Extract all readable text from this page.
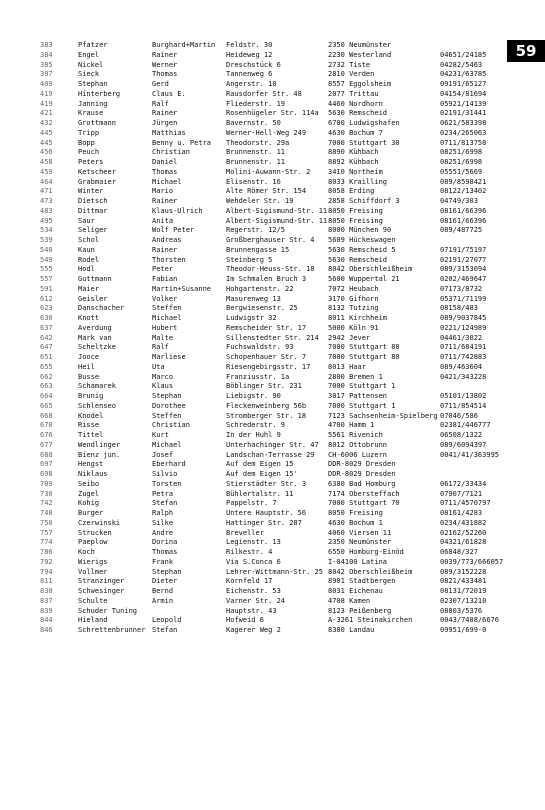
59
383	Pfatzer	Burghard+Martin	Feldstr. 30	2350 Neumünster
384	Engel	Rainer	Heideweg 12	2230 Westerland	04651/24185
385	Nickel	Werner	Dreschstück 6	2732 Tiste	04282/5463
397	Sieck	Thomas	Tannenweg 6	2810 Verden	04231/63785
409	Stephan	Gerd	Angerstr. 10	8557 Eggolsheim	09191/65127
419	Hinterberg	Claus E.	Rausdorfer Str. 48	2077 Trittau	04154/81694
419	Janning	Ralf	Fliederstr. 19	4460 Nordhorn	05921/14139
421	Krause	Rainer	Rosenhügeler Str. 114a	5630 Remscheid	02191/31441
432	Grottmann	Jürgen	Bavernstr. 50	6700 Ludwigshafen	0621/583398
445	Tripp	Matthias	Werner-Hell-Weg 249	4630 Bochum 7	0234/265063
445	Bopp	Benny u. Petra	Theodorstr. 29a	7000 Stuttgart 30	0711/813758
456	Peuch	Christian	Brunnenstr. 11	8890 Kühbach	08251/6998
458	Peters	Daniel	Brunnenstr. 11	8892 Kühbach	08251/6998
459	Ketscheer	Thomas	Molini-Auwann-Str. 2	3410 Northeim	05551/5669
464	Grabmaier	Michael	Elisenstr. 16	8033 Krailling	089/8598421
471	Winter	Mario	Alte Römer Str. 154	8058 Erding	08122/13402
473	Dietsch	Rainer	Wehdeler Str. 19	2858 Schiffdorf 3	04749/303
483	Dittmar	Klaus-Ulrich	Albert-Sigismund-Str. 11 8050 Freising	08161/66396
495	Saur	Anita	Albert-Sigismund-Str. 11 8050 Freising	08161/66396
534	Seliger	Wolf Peter	Regerstr. 12/5	8000 München 90	089/487725
539	Schol	Andreas	Großberghauser Str. 4	5609 Hückeswagen
540	Kaun	Rainer	Brunnengasse 15	5630 Remscheid 5	07191/75197
549	Rodel	Thorsten	Steinberg 5	5630 Remscheid	02191/27077
555	Hodl	Peter	Theodor-Heuss-Str. 18	8042 Oberschleißheim	089/3153094
557	Guttmann	Fabian	Im Schmalen Bruch 3	5600 Wuppertal 21	0202/469647
591	Maier	Martin+Susanne	Hohgartenstr. 22	7072 Heubach	07173/8732
612	Geisler	Volker	Masurenweg 13	3170 Gifhorn	05371/71199
623	Danschacher	Steffen	Bergwiesenstr. 25	8132 Tutzing	08158/483
630	Knott	Michael	Ludwigstr 32	8011 Kirchheim	089/9037845
637	Averdung	Hubert	Remscheider Str. 17	5000 Köln 91	0221/124989
642	Mark van	Malte	Sillenstedter Str. 214	2942 Jever	04461/3022
647	Scheltzke	Ralf	Fuchswaldstr. 93	7000 Stuttgart 80	0711/684191
651	Jooce	Marliese	Schopenhauer Str. 7	7000 Stuttgart 80	0711/742883
655	Heil	Uta	Riesengebirgsstr. 17	8013 Haar	089/463604
662	Busse	Marco	Franziusstr. 1a	2800 Bremen 1	0421/343228
663	Schamarek	Klaus	Böblinger Str. 231	7000 Stuttgart 1
664	Brunig	Stephan	Liebigstr. 90	3017 Pattensen	05101/13802
665	Schlenseo	Dorothee	Fleckenweinberg 56b	7000 Stuttgart 1	0711/854514
668	Knodel	Steffen	Stromberger Str. 18	7123 Sachsenheim-Spielberg 07046/586
670	Risse	Christian	Schrederstr. 9	4700 Hamm 1	02381/446777
676	Tittel	Kurt	In der Huhl 9	5561 Rivenich	06508/1322
677	Wendlinger	Michael	Unterhachinger Str. 47	8012 Ottobrunn	089/6094397
688	Bienz jun.	Josef	Landschan-Terrasse 29	CH-6006 Luzern	0041/41/363995
697	Hengst	Eberhard	Auf dem Eigen 15	DDR-8029 Dresden
698	Niklaus	Silvio	Auf dem Eigen 15'	DDR-8029 Dresden
709	Seibo	Torsten	Stierstädter Str. 3	6380 Bad Homburg	06172/33434
730	Zugel	Petra	Bühlertalstr. 11	7174 Obersteffach	07907/7121
742	Kohig	Stefan	Pappelstr. 7	7000 Stuttgart 70	0711/4570797
748	Burger	Ralph	Untere Hauptstr. 56	8050 Freising	08161/4283
750	Czerwinski	Silke	Hattinger Str. 287	4630 Bochum 1	0234/431882
757	Strucken	Andre	Breveller	4060 Viersen 11	02162/52260
774	Paeplow	Dorina	Legienstr. 13	2350 Neumünster	04321/61828
786	Koch	Thomas	Rilkestr. 4	6550 Homburg-Einöd	06848/327
792	Wierigs	Frank	Via S.Conca 6	I-04100 Latina	0039/773/666057
794	Vollmer	Stephan	Lehrer-Wittmann-Str. 25 8042 Oberschleißheim	089/3152228
811	Stranzinger	Dieter	Kornfeld 17	8901 Stadtbergen	0821/433481
830	Schwesinger	Bernd	Eichenstr. 53	8031 Eichenau	08131/72019
837	Schulte	Armin	Varner Str. 24	4708 Kamen	02307/13210
839	Schuder Tuning	Hauptstr. 43	8123 Peißenberg	08803/5376
844	Hieland	Leopold	Hofweid 6	A-3261 Steinakirchen	0043/7488/6676
846	Schrettenbrunner Stefan	Kagerer Weg 2	8380 Landau	09951/699-0
